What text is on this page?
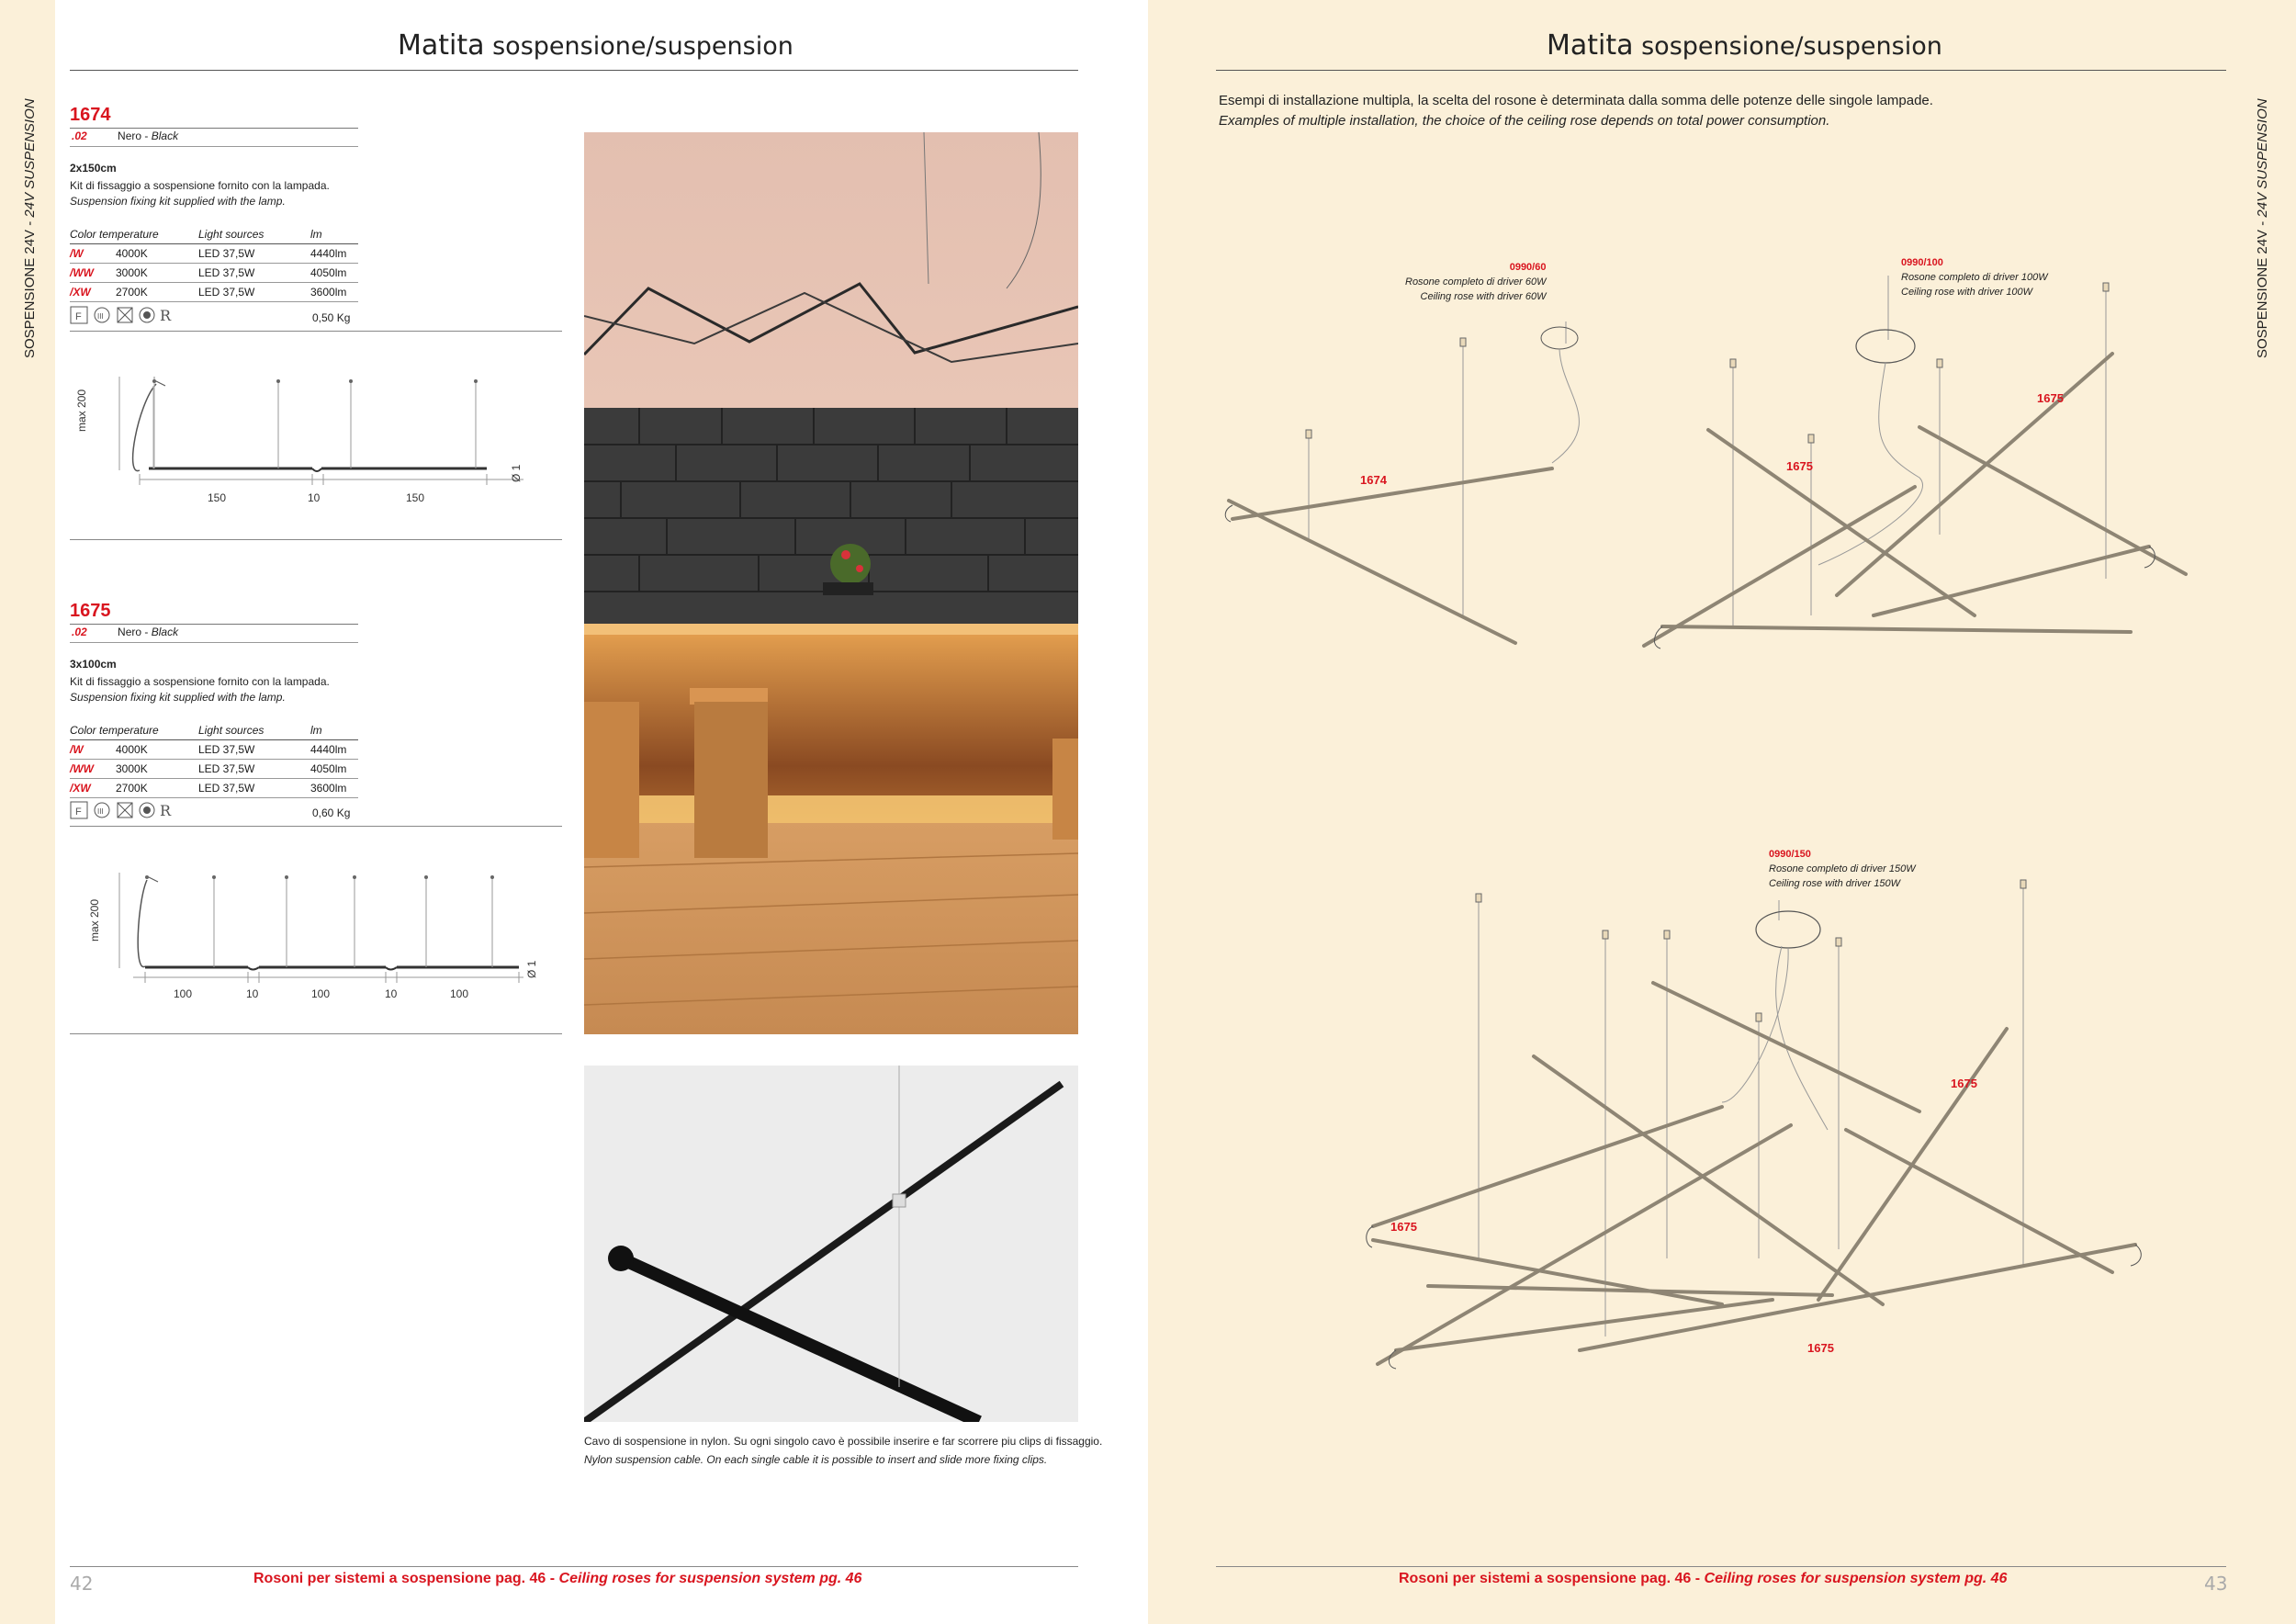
SOSPENSIONE 24V - 24V SUSPENSION
Matita sospensione/suspension
1674
.02	Nero - Black
2x150cm
Kit di fissaggio a sospensione fornito con la lampada.
Suspension fixing kit supplied with the lamp.
Color temperature		Light sources	lm
/W	4000K	LED 37,5W	4440lm
/WW	3000K	LED 37,5W	4050lm
/XW	2700K	LED 37,5W	3600lm
F III	R	0,50 Kg
max 200
Ø 1
150	10	150
1675
.02	Nero - Black
3x100cm
Kit di fissaggio a sospensione fornito con la lampada.
Suspension fixing kit supplied with the lamp.
Color temperature		Light sources	lm
/W	4000K	LED 37,5W	4440lm
/WW	3000K	LED 37,5W	4050lm
/XW	2700K	LED 37,5W	3600lm
F III	R	0,60 Kg
max 200
Ø 1
100	10	100	10	100
Cavo di sospensione in nylon. Su ogni singolo cavo è possibile inserire e far scorrere piu clips di fissaggio.
Nylon suspension cable. On each single cable it is possible to insert and slide more fixing clips.
42	Rosoni per sistemi a sospensione pag. 46 - Ceiling roses for suspension system pg. 46
Matita sospensione/suspension
SOSPENSIONE 24V - 24V SUSPENSION
Esempi di installazione multipla, la scelta del rosone è determinata dalla somma delle potenze delle singole lampade.
Examples of multiple installation, the choice of the ceiling rose depends on total power consumption.
0990/60
Rosone completo di driver 60W
Ceiling rose with driver 60W
0990/100
Rosone completo di driver 100W
Ceiling rose with driver 100W
1674
1675
1675
0990/150
Rosone completo di driver 150W
Ceiling rose with driver 150W
1675
1675
1675
Rosoni per sistemi a sospensione pag. 46 - Ceiling roses for suspension system pg. 46	43
